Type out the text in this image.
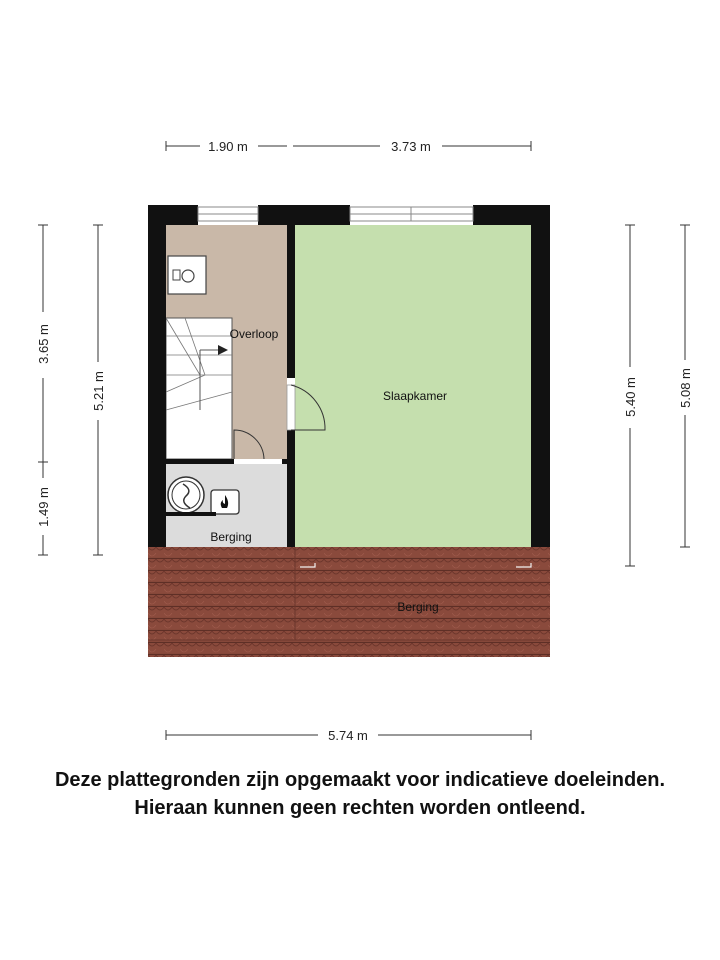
1.90 m	3.73 m
5.74 m
3.65 m
1.49 m
5.21 m	5.40 m	5.08 m
Overloop
Slaapkamer
Berging
Berging
Deze plattegronden zijn opgemaakt voor indicatieve doeleinden.
Hieraan kunnen geen rechten worden ontleend.
